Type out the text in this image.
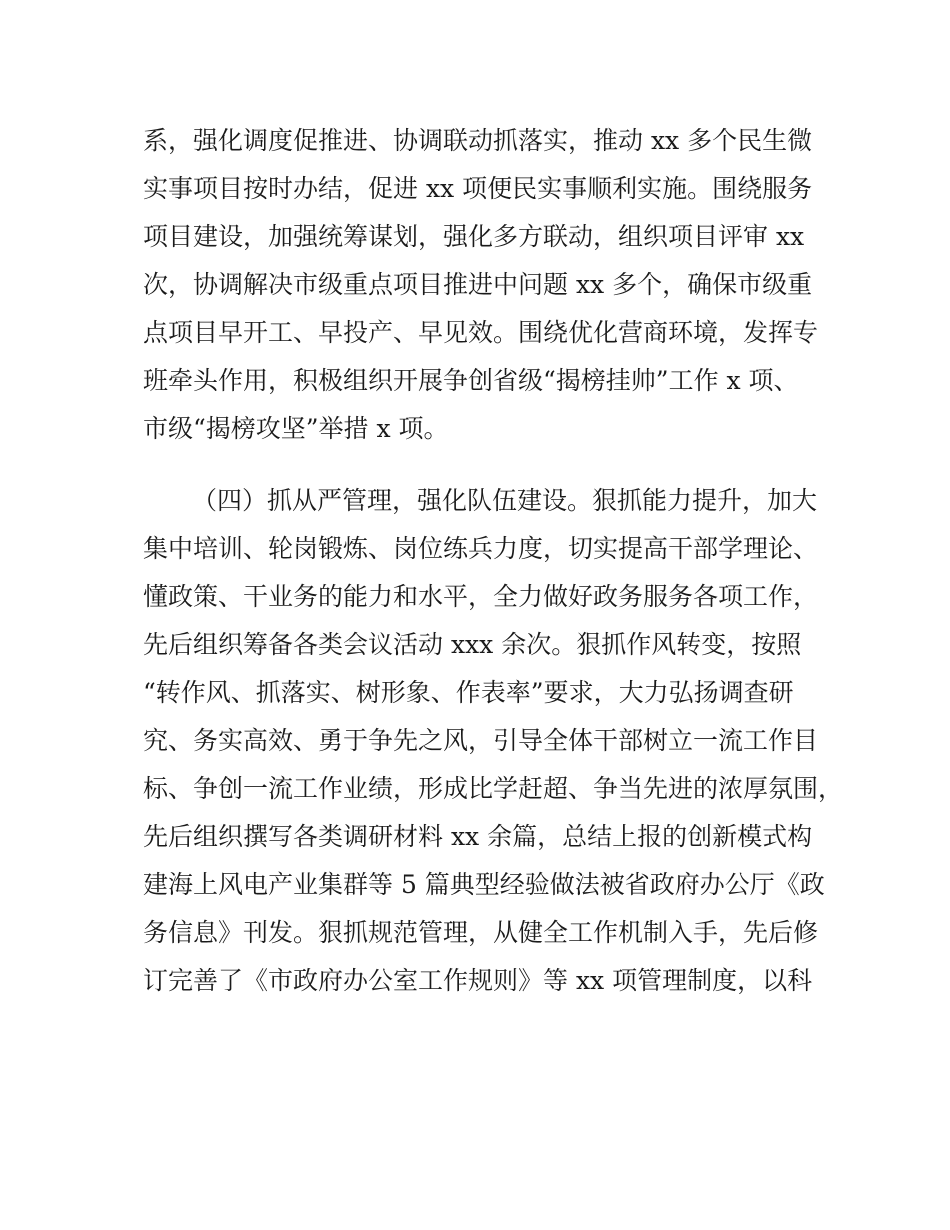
系，强化调度促推进、协调联动抓落实，推动 xx 多个民生微
实事项目按时办结，促进 xx 项便民实事顺利实施。围绕服务
项目建设，加强统筹谋划，强化多方联动，组织项目评审 xx
次，协调解决市级重点项目推进中问题 xx 多个，确保市级重
点项目早开工、早投产、早见效。围绕优化营商环境，发挥专
班牵头作用，积极组织开展争创省级“揭榜挂帅”工作 x 项、
市级“揭榜攻坚”举措 x 项。
（四）抓从严管理，强化队伍建设。狠抓能力提升，加大
集中培训、轮岗锻炼、岗位练兵力度，切实提高干部学理论、
懂政策、干业务的能力和水平，全力做好政务服务各项工作，
先后组织筹备各类会议活动 xxx 余次。狠抓作风转变，按照
“转作风、抓落实、树形象、作表率”要求，大力弘扬调查研
究、务实高效、勇于争先之风，引导全体干部树立一流工作目
标、争创一流工作业绩，形成比学赶超、争当先进的浓厚氛围，
先后组织撰写各类调研材料 xx 余篇，总结上报的创新模式构
建海上风电产业集群等 5 篇典型经验做法被省政府办公厅《政
务信息》刊发。狠抓规范管理，从健全工作机制入手，先后修
订完善了《市政府办公室工作规则》等 xx 项管理制度，以科
